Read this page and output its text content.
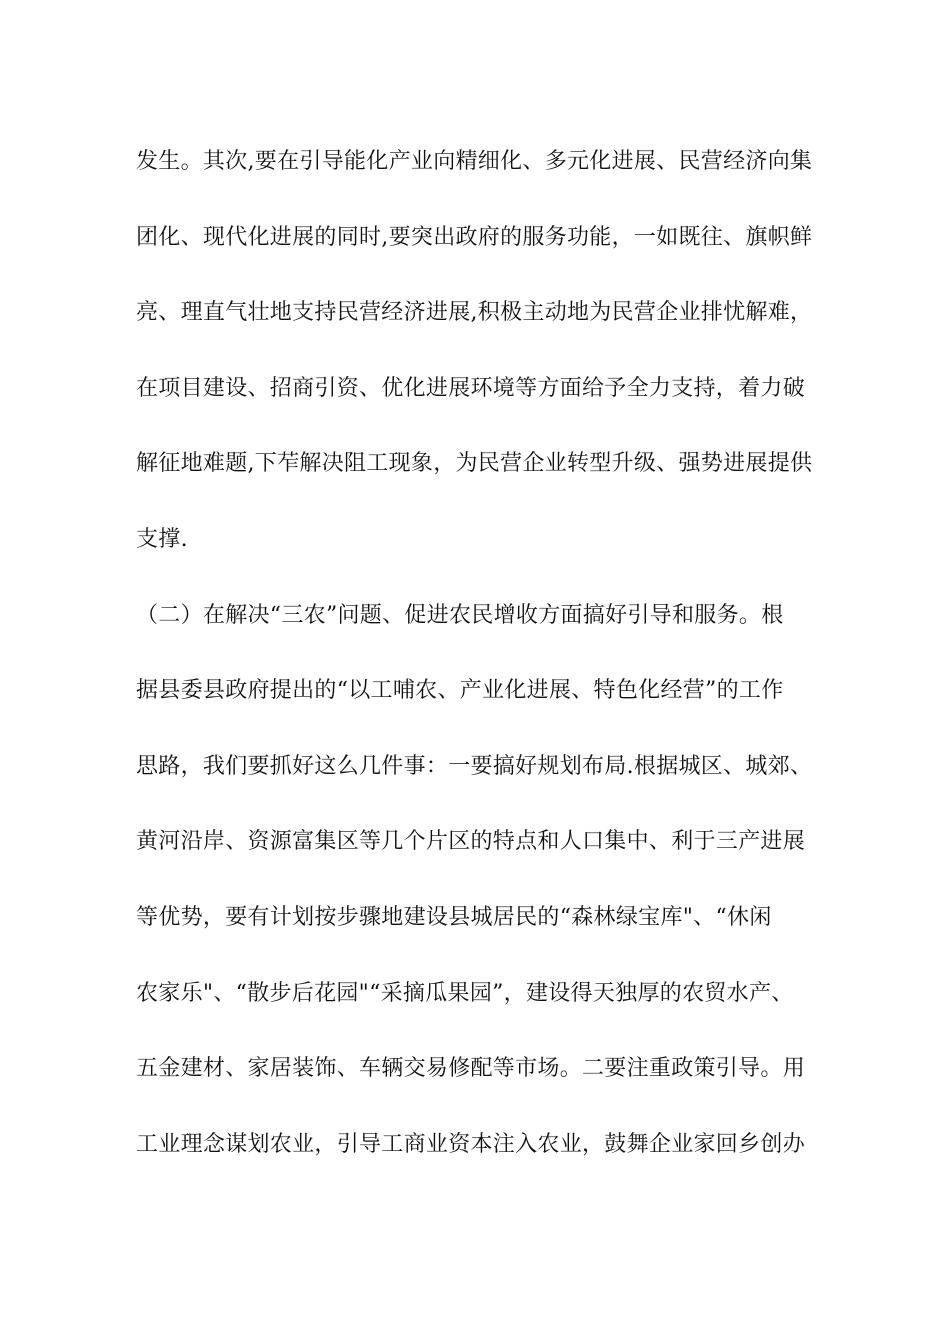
发生。其次,要在引导能化产业向精细化、多元化进展、民营经济向集
团化、现代化进展的同时,要突出政府的服务功能，一如既往、旗帜鲜
亮、理直气壮地支持民营经济进展,积极主动地为民营企业排忧解难，
在项目建设、招商引资、优化进展环境等方面给予全力支持，着力破
解征地难题,下苲解决阻工现象，为民营企业转型升级、强势进展提供
支撑.
（二）在解决“三农”问题、促进农民增收方面搞好引导和服务。根
据县委县政府提出的“以工哺农、产业化进展、特色化经营”的工作
思路，我们要抓好这么几件事：一要搞好规划布局.根据城区、城郊、
黄河沿岸、资源富集区等几个片区的特点和人口集中、利于三产进展
等优势，要有计划按步骤地建设县城居民的“森林绿宝库"、“休闲
农家乐"、“散步后花园"“采摘瓜果园”，建设得天独厚的农贸水产、
五金建材、家居装饰、车辆交易修配等市场。二要注重政策引导。用
工业理念谋划农业，引导工商业资本注入农业，鼓舞企业家回乡创办
